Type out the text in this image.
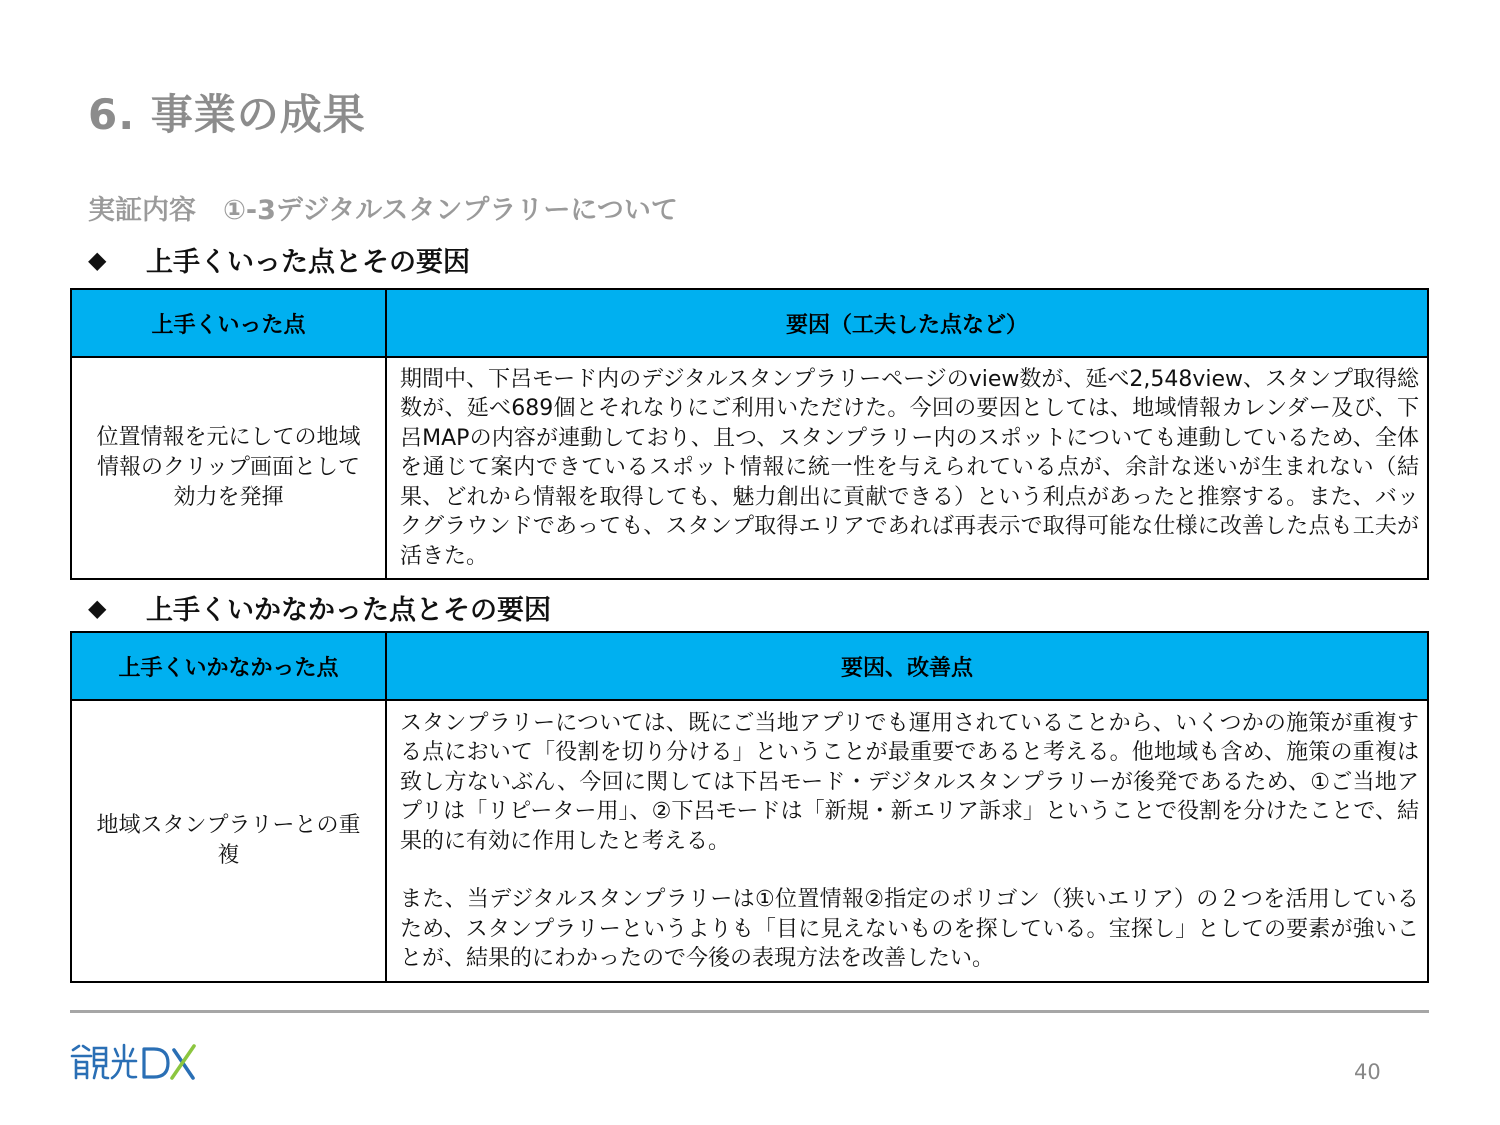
6. 事業の成果
実証内容　①-3デジタルスタンプラリーについて
◆	上手くいった点とその要因
上手くいった点	要因（工夫した点など）
位置情報を元にしての地域情報のクリップ画面として効力を発揮	期間中、下呂モード内のデジタルスタンプラリーページのview数が、延べ2,548view、スタンプ取得総数が、延べ689個とそれなりにご利用いただけた。今回の要因としては、地域情報カレンダー及び、下呂MAPの内容が連動しており、且つ、スタンプラリー内のスポットについても連動しているため、全体を通じて案内できているスポット情報に統一性を与えられている点が、余計な迷いが生まれない（結果、どれから情報を取得しても、魅力創出に貢献できる）という利点があったと推察する。また、バックグラウンドであっても、スタンプ取得エリアであれば再表示で取得可能な仕様に改善した点も工夫が活きた。
◆	上手くいかなかった点とその要因
上手くいかなかった点	要因、改善点
地域スタンプラリーとの重複	スタンプラリーについては、既にご当地アプリでも運用されていることから、いくつかの施策が重複する点において「役割を切り分ける」ということが最重要であると考える。他地域も含め、施策の重複は致し方ないぶん、今回に関しては下呂モード・デジタルスタンプラリーが後発であるため、①ご当地アプリは「リピーター用」、②下呂モードは「新規・新エリア訴求」ということで役割を分けたことで、結果的に有効に作用したと考える。

また、当デジタルスタンプラリーは①位置情報②指定のポリゴン（狭いエリア）の２つを活用しているため、スタンプラリーというよりも「目に見えないものを探している。宝探し」としての要素が強いことが、結果的にわかったので今後の表現方法を改善したい。

40
